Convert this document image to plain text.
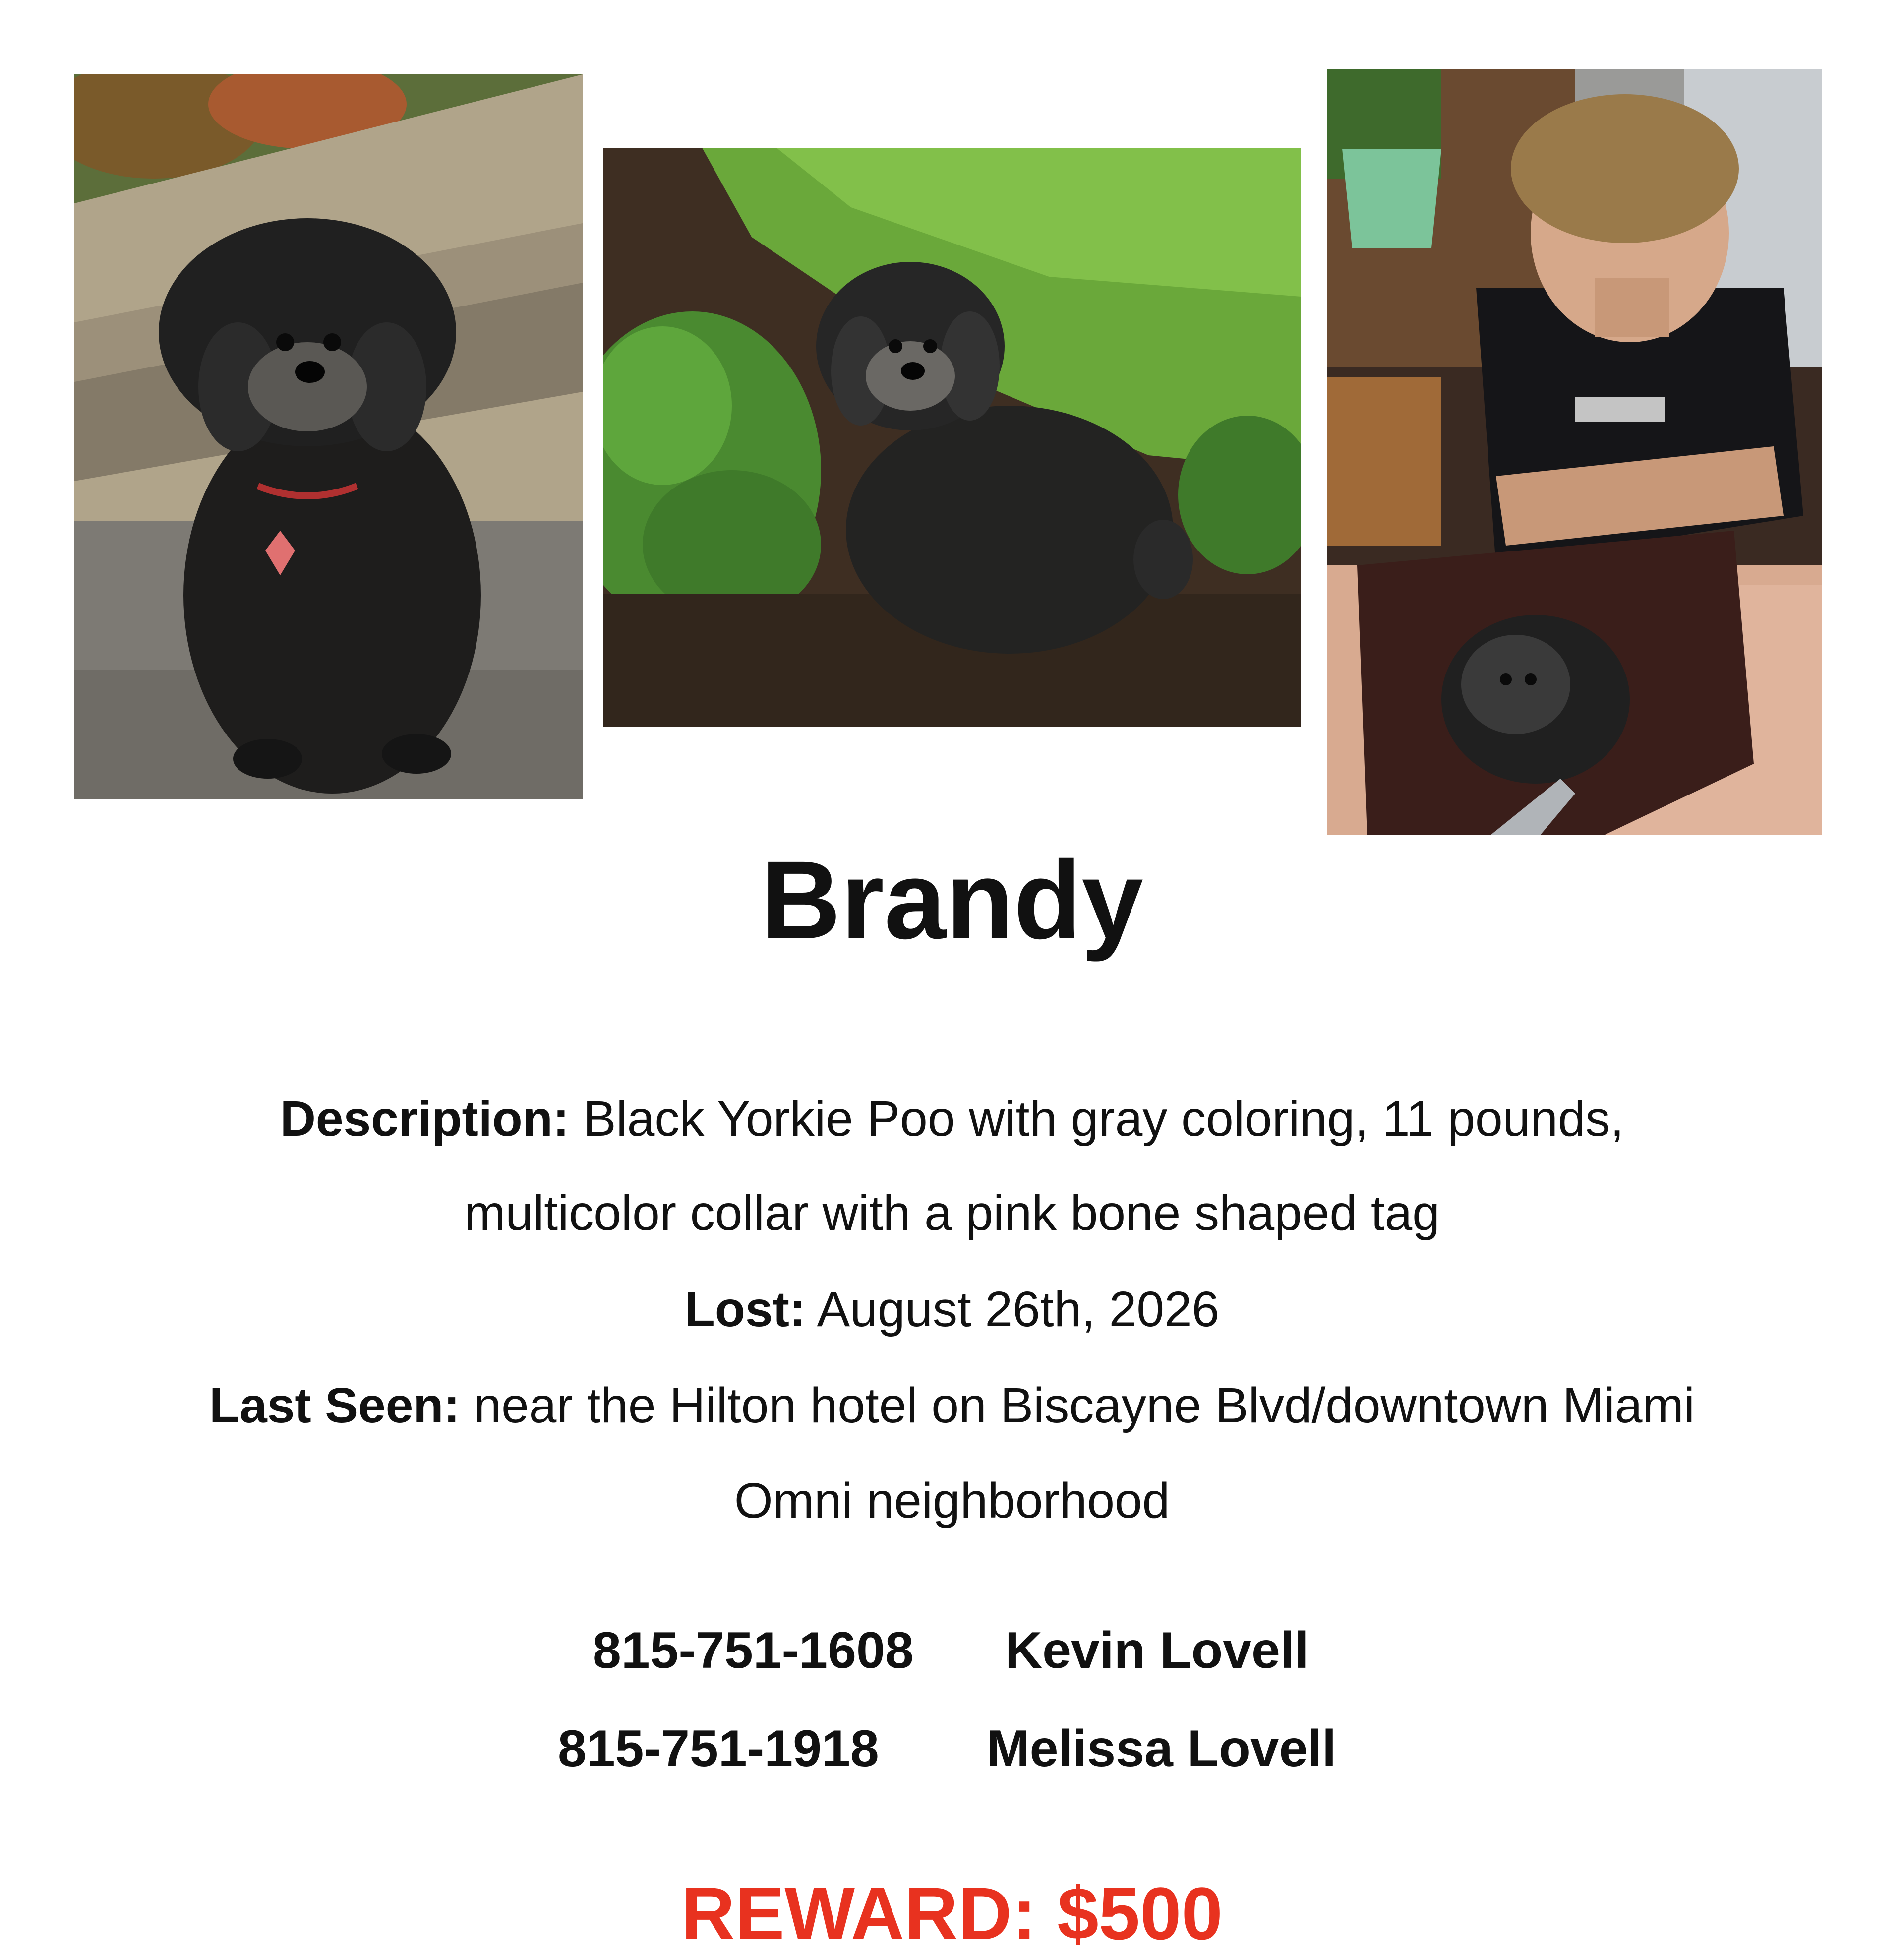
Brandy
Description: Black Yorkie Poo with gray coloring, 11 pounds,
multicolor collar with a pink bone shaped tag
Lost: August 26th, 2026
Last Seen: near the Hilton hotel on Biscayne Blvd/downtown Miami
Omni neighborhood
815-751-1608 Kevin Lovell
815-751-1918 Melissa Lovell
REWARD: $500
